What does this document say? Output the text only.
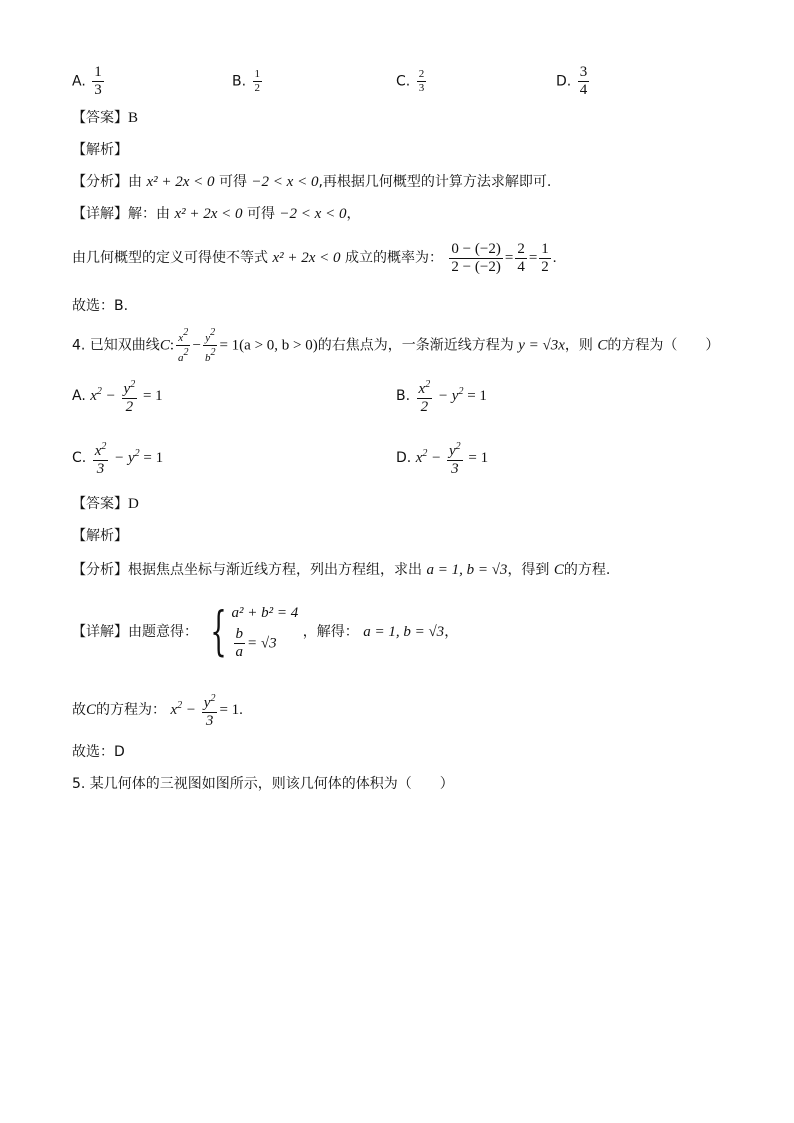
A. $\frac{1}{3}$	B. $\frac{1}{2}$	C. $\frac{2}{3}$	D. $\frac{3}{4}$
【答案】B
【解析】
【分析】由 x² + 2x < 0 可得 −2 < x < 0,再根据几何概型的计算方法求解即可.
【详解】解：由 x² + 2x < 0 可得 −2 < x < 0，
由几何概型的定义可得使不等式 x² + 2x < 0 成立的概率为： $\frac{0 - (-2)}{2 - (-2)} = \frac{2}{4} = \frac{1}{2}$ .
故选：B.
4. 已知双曲线C: $\frac{x2}{a2} - \frac{y2}{b2} = 1(a > 0$, b > 0)的右焦点为，一条渐近线方程为 y = √3x，则 C的方程为（　　）
A. $x^2 - \frac{y^2}{2} = 1$	B. $\frac{x^2}{2} - y^2 = 1$
C. $\frac{x^2}{3} - y^2 = 1$	D. $x^2 - \frac{y^2}{3} = 1$
【答案】D
【解析】
【分析】根据焦点坐标与渐近线方程，列出方程组，求出 a = 1, b = √3，得到 C的方程.
【详解】由题意得： { a² + b² = 4
$\frac{b}{a} = √3$
，解得： a = 1, b = √3，
故C的方程为： $x^2 - \frac{y^2}{3} = 1$.
故选：D
5. 某几何体的三视图如图所示，则该几何体的体积为（　　）
